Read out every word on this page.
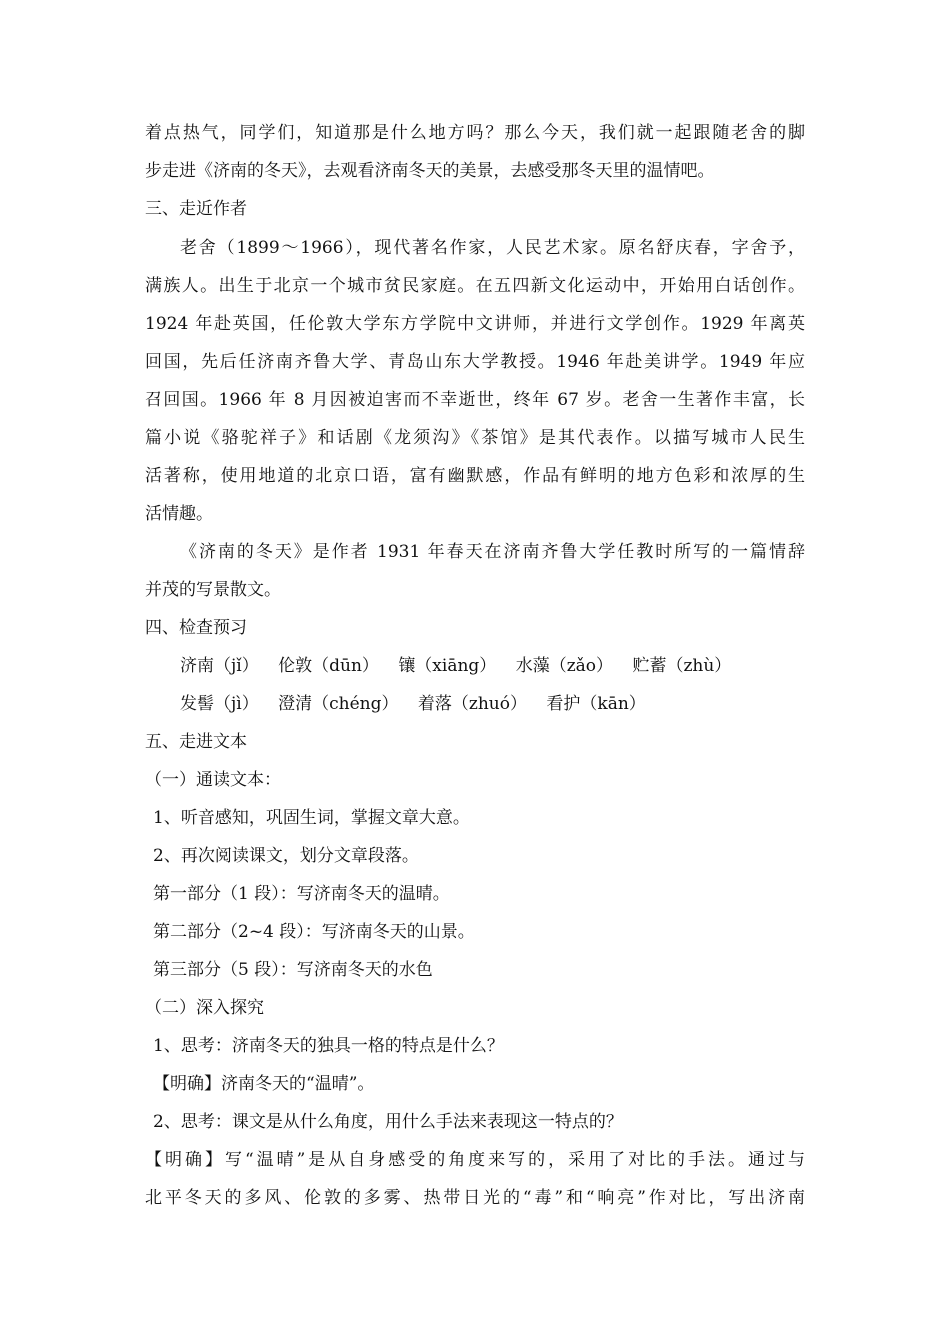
着点热气，同学们，知道那是什么地方吗？那么今天，我们就一起跟随老舍的脚
步走进《济南的冬天》，去观看济南冬天的美景，去感受那冬天里的温情吧。
三、走近作者
老舍（1899～1966），现代著名作家，人民艺术家。原名舒庆春，字舍予，
满族人。出生于北京一个城市贫民家庭。在五四新文化运动中，开始用白话创作。
1924 年赴英国，任伦敦大学东方学院中文讲师，并进行文学创作。1929 年离英
回国，先后任济南齐鲁大学、青岛山东大学教授。1946 年赴美讲学。1949 年应
召回国。1966 年 8 月因被迫害而不幸逝世，终年 67 岁。老舍一生著作丰富，长
篇小说《骆驼祥子》和话剧《龙须沟》《茶馆》是其代表作。以描写城市人民生
活著称，使用地道的北京口语，富有幽默感，作品有鲜明的地方色彩和浓厚的生
活情趣。
《济南的冬天》是作者 1931 年春天在济南齐鲁大学任教时所写的一篇情辞
并茂的写景散文。
四、检查预习
济南（jǐ） 伦敦（dūn） 镶（xiāng） 水藻（zǎo） 贮蓄（zhù）
发髻（jì） 澄清（chéng） 着落（zhuó） 看护（kān）
五、走进文本
（一）通读文本：
1、听音感知，巩固生词，掌握文章大意。
2、再次阅读课文，划分文章段落。
第一部分（1 段）：写济南冬天的温晴。
第二部分（2~4 段）：写济南冬天的山景。
第三部分（5 段）：写济南冬天的水色
（二）深入探究
1、思考：济南冬天的独具一格的特点是什么？
【明确】济南冬天的“温晴”。
2、思考：课文是从什么角度，用什么手法来表现这一特点的？
【明确】写“温晴”是从自身感受的角度来写的，采用了对比的手法。通过与
北平冬天的多风、伦敦的多雾、热带日光的“毒”和“响亮”作对比，写出济南
